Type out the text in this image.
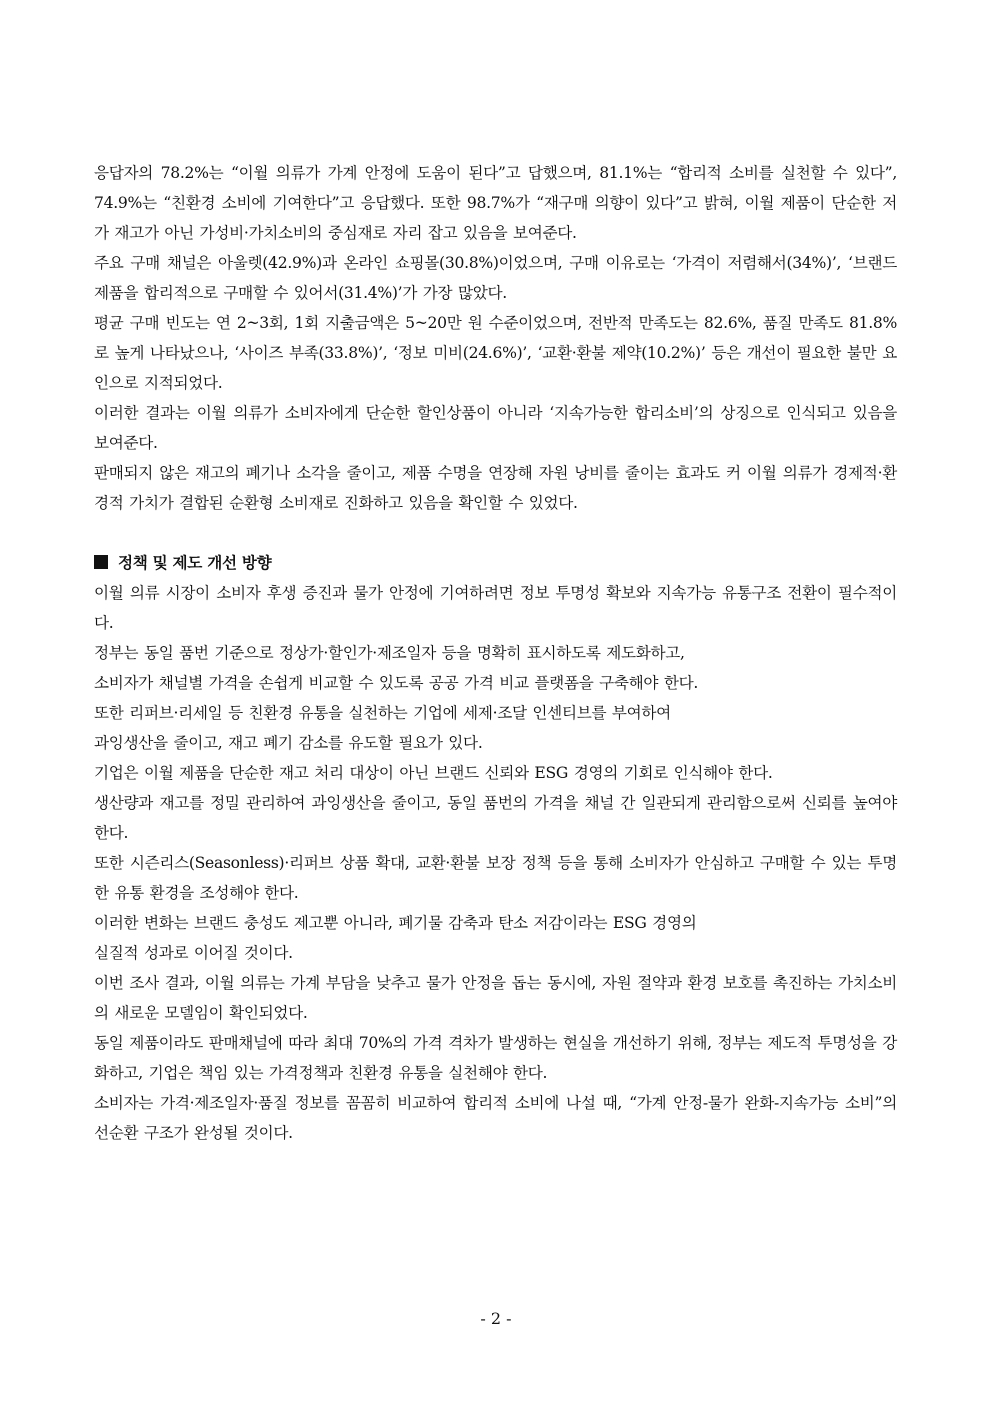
응답자의 78.2%는 “이월 의류가 가계 안정에 도움이 된다”고 답했으며, 81.1%는 “합리적 소비를 실천할 수 있다”, 74.9%는 “친환경 소비에 기여한다”고 응답했다. 또한 98.7%가 “재구매 의향이 있다”고 밝혀, 이월 제품이 단순한 저가 재고가 아닌 가성비·가치소비의 중심재로 자리 잡고 있음을 보여준다.

주요 구매 채널은 아울렛(42.9%)과 온라인 쇼핑몰(30.8%)이었으며, 구매 이유로는 ‘가격이 저렴해서(34%)’, ‘브랜드 제품을 합리적으로 구매할 수 있어서(31.4%)’가 가장 많았다.

평균 구매 빈도는 연 2~3회, 1회 지출금액은 5~20만 원 수준이었으며, 전반적 만족도는 82.6%, 품질 만족도 81.8%로 높게 나타났으나, ‘사이즈 부족(33.8%)’, ‘정보 미비(24.6%)’, ‘교환·환불 제약(10.2%)’ 등은 개선이 필요한 불만 요인으로 지적되었다.

이러한 결과는 이월 의류가 소비자에게 단순한 할인상품이 아니라 ‘지속가능한 합리소비’의 상징으로 인식되고 있음을 보여준다.

판매되지 않은 재고의 폐기나 소각을 줄이고, 제품 수명을 연장해 자원 낭비를 줄이는 효과도 커 이월 의류가 경제적·환경적 가치가 결합된 순환형 소비재로 진화하고 있음을 확인할 수 있었다.

정책 및 제도 개선 방향

이월 의류 시장이 소비자 후생 증진과 물가 안정에 기여하려면 정보 투명성 확보와 지속가능 유통구조 전환이 필수적이다.

정부는 동일 품번 기준으로 정상가·할인가·제조일자 등을 명확히 표시하도록 제도화하고,

소비자가 채널별 가격을 손쉽게 비교할 수 있도록 공공 가격 비교 플랫폼을 구축해야 한다.

또한 리퍼브·리세일 등 친환경 유통을 실천하는 기업에 세제·조달 인센티브를 부여하여

과잉생산을 줄이고, 재고 폐기 감소를 유도할 필요가 있다.

기업은 이월 제품을 단순한 재고 처리 대상이 아닌 브랜드 신뢰와 ESG 경영의 기회로 인식해야 한다.

생산량과 재고를 정밀 관리하여 과잉생산을 줄이고, 동일 품번의 가격을 채널 간 일관되게 관리함으로써 신뢰를 높여야 한다.

또한 시즌리스(Seasonless)·리퍼브 상품 확대, 교환·환불 보장 정책 등을 통해 소비자가 안심하고 구매할 수 있는 투명한 유통 환경을 조성해야 한다.

이러한 변화는 브랜드 충성도 제고뿐 아니라, 폐기물 감축과 탄소 저감이라는 ESG 경영의

실질적 성과로 이어질 것이다.

이번 조사 결과, 이월 의류는 가계 부담을 낮추고 물가 안정을 돕는 동시에, 자원 절약과 환경 보호를 촉진하는 가치소비의 새로운 모델임이 확인되었다.

동일 제품이라도 판매채널에 따라 최대 70%의 가격 격차가 발생하는 현실을 개선하기 위해, 정부는 제도적 투명성을 강화하고, 기업은 책임 있는 가격정책과 친환경 유통을 실천해야 한다.

소비자는 가격·제조일자·품질 정보를 꼼꼼히 비교하여 합리적 소비에 나설 때, “가계 안정-물가 완화-지속가능 소비”의 선순환 구조가 완성될 것이다.

- 2 -
